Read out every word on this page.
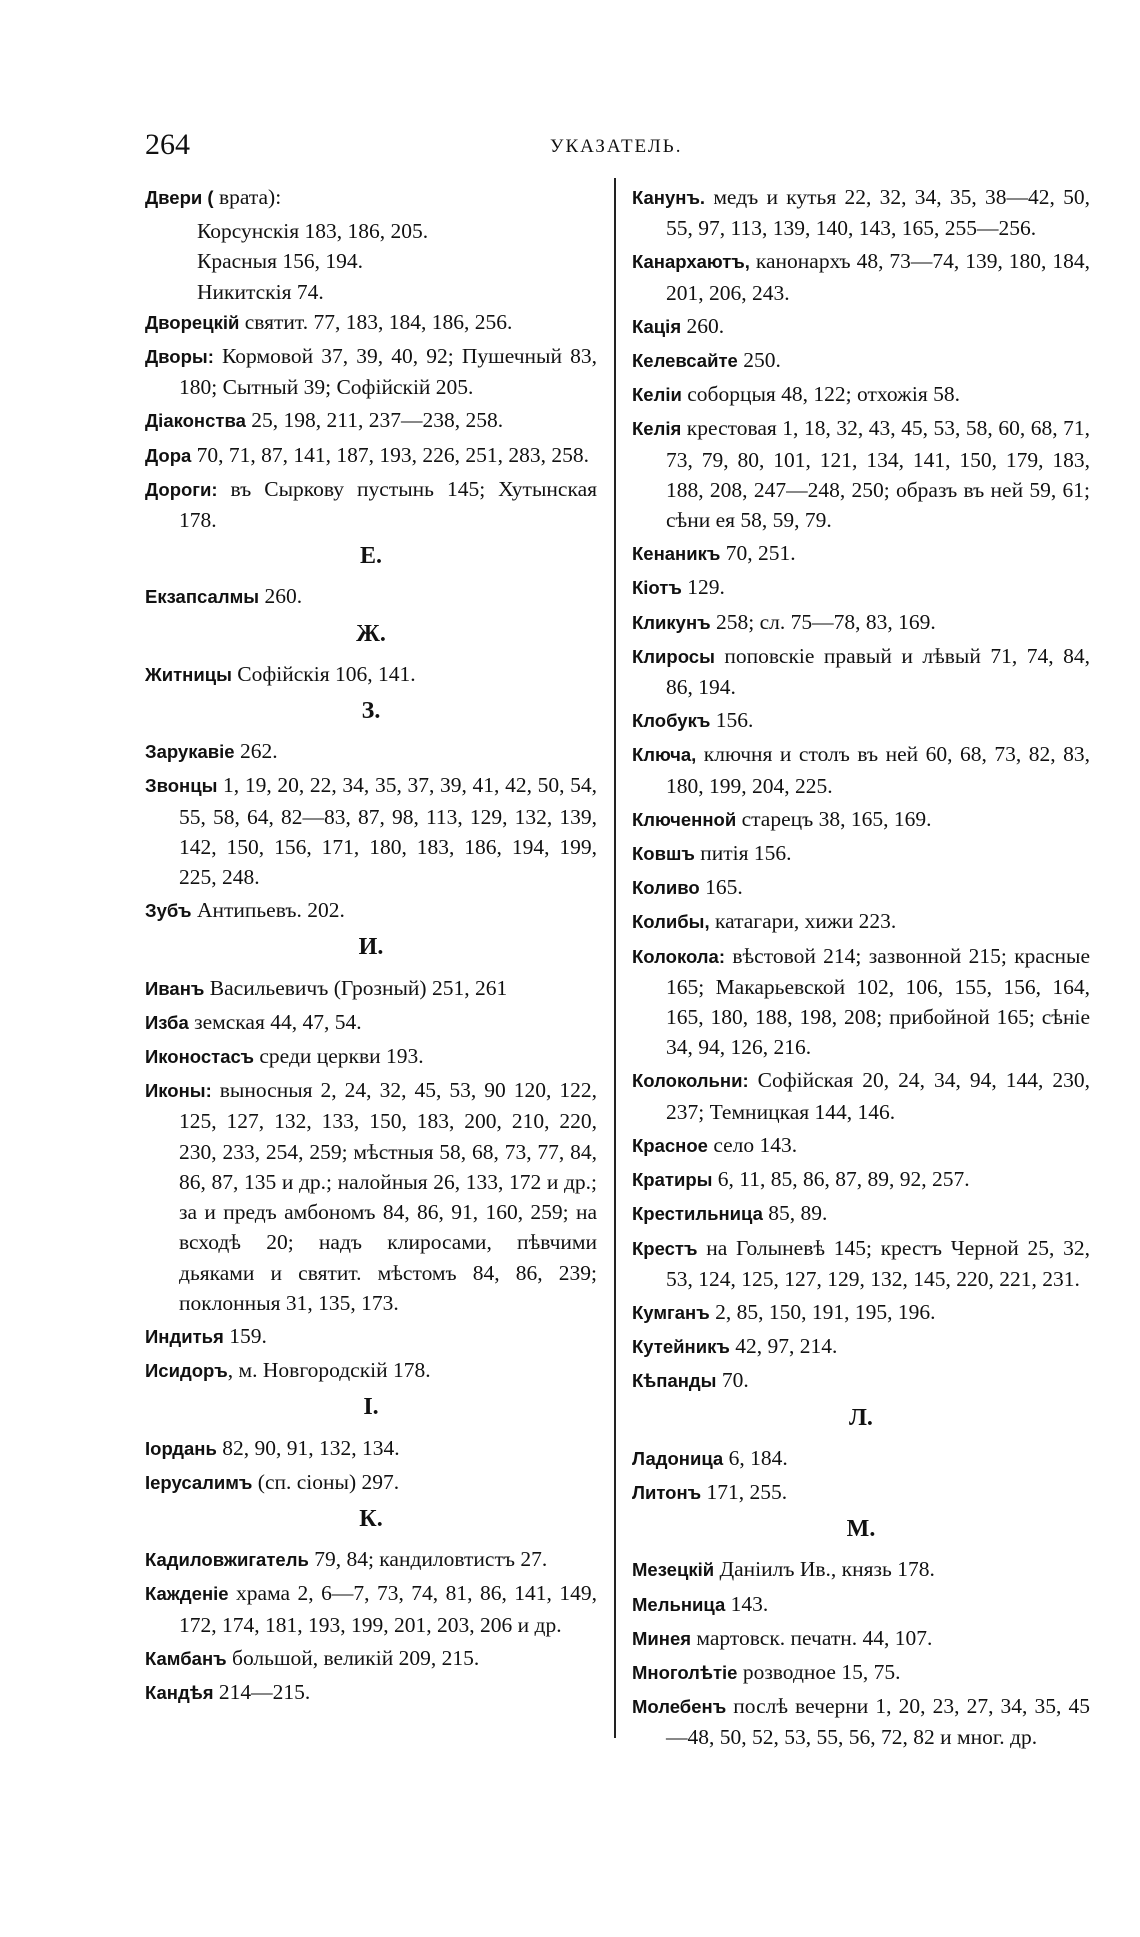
264	УКАЗАТЕЛЬ.
Двери ( врата):
Корсунскія 183, 186, 205.
Красныя 156, 194.
Никитскія 74.
Дворецкій святит. 77, 183, 184, 186, 256.
Дворы: Кормовой 37, 39, 40, 92; Пушечный 83, 180; Сытный 39; Софійскій 205.
Діаконства 25, 198, 211, 237—238, 258.
Дора 70, 71, 87, 141, 187, 193, 226, 251, 283, 258.
Дороги: въ Сыркову пустынь 145; Хутынская 178.
Е.
Екзапсалмы 260.
Ж.
Житницы Софійскія 106, 141.
З.
Зарукавіе 262.
Звонцы 1, 19, 20, 22, 34, 35, 37, 39, 41, 42, 50, 54, 55, 58, 64, 82—83, 87, 98, 113, 129, 132, 139, 142, 150, 156, 171, 180, 183, 186, 194, 199, 225, 248.
Зубъ Антипьевъ. 202.
И.
Иванъ Васильевичъ (Грозный) 251, 261
Изба земская 44, 47, 54.
Иконостасъ среди церкви 193.
Иконы: выносныя 2, 24, 32, 45, 53, 90 120, 122, 125, 127, 132, 133, 150, 183, 200, 210, 220, 230, 233, 254, 259; мѣстныя 58, 68, 73, 77, 84, 86, 87, 135 и др.; налойныя 26, 133, 172 и др.; за и предъ амбономъ 84, 86, 91, 160, 259; на всходѣ 20; надъ клиросами, пѣвчими дьяками и святит. мѣстомъ 84, 86, 239; поклонныя 31, 135, 173.
Индитья 159.
Исидоръ, м. Новгородскій 178.
І.
Іордань 82, 90, 91, 132, 134.
Іерусалимъ (сп. сіоны) 297.
К.
Кадиловжигатель 79, 84; кандиловтистъ 27.
Кажденіе храма 2, 6—7, 73, 74, 81, 86, 141, 149, 172, 174, 181, 193, 199, 201, 203, 206 и др.
Камбанъ большой, великій 209, 215.
Кандѣя 214—215.
Канунъ. медъ и кутья 22, 32, 34, 35, 38—42, 50, 55, 97, 113, 139, 140, 143, 165, 255—256.
Канархаютъ, канонархъ 48, 73—74, 139, 180, 184, 201, 206, 243.
Кація 260.
Келевсайте 250.
Келіи соборцыя 48, 122; отхожія 58.
Келія крестовая 1, 18, 32, 43, 45, 53, 58, 60, 68, 71, 73, 79, 80, 101, 121, 134, 141, 150, 179, 183, 188, 208, 247—248, 250; образъ въ ней 59, 61; сѣни ея 58, 59, 79.
Кенаникъ 70, 251.
Кіотъ 129.
Кликунъ 258; сл. 75—78, 83, 169.
Клиросы поповскіе правый и лѣвый 71, 74, 84, 86, 194.
Клобукъ 156.
Ключа, ключня и столъ въ ней 60, 68, 73, 82, 83, 180, 199, 204, 225.
Ключенной старецъ 38, 165, 169.
Ковшъ питія 156.
Коливо 165.
Колибы, катагари, хижи 223.
Колокола: вѣстовой 214; зазвонной 215; красные 165; Макарьевской 102, 106, 155, 156, 164, 165, 180, 188, 198, 208; прибойной 165; сѣніе 34, 94, 126, 216.
Колокольни: Софійская 20, 24, 34, 94, 144, 230, 237; Темницкая 144, 146.
Красное село 143.
Кратиры 6, 11, 85, 86, 87, 89, 92, 257.
Крестильница 85, 89.
Крестъ на Голыневѣ 145; крестъ Черной 25, 32, 53, 124, 125, 127, 129, 132, 145, 220, 221, 231.
Кумганъ 2, 85, 150, 191, 195, 196.
Кутейникъ 42, 97, 214.
Кѣпанды 70.
Л.
Ладоница 6, 184.
Литонъ 171, 255.
М.
Мезецкій Даніилъ Ив., князь 178.
Мельница 143.
Минея мартовск. печатн. 44, 107.
Многолѣтіе розводное 15, 75.
Молебенъ послѣ вечерни 1, 20, 23, 27, 34, 35, 45—48, 50, 52, 53, 55, 56, 72, 82 и мног. др.
